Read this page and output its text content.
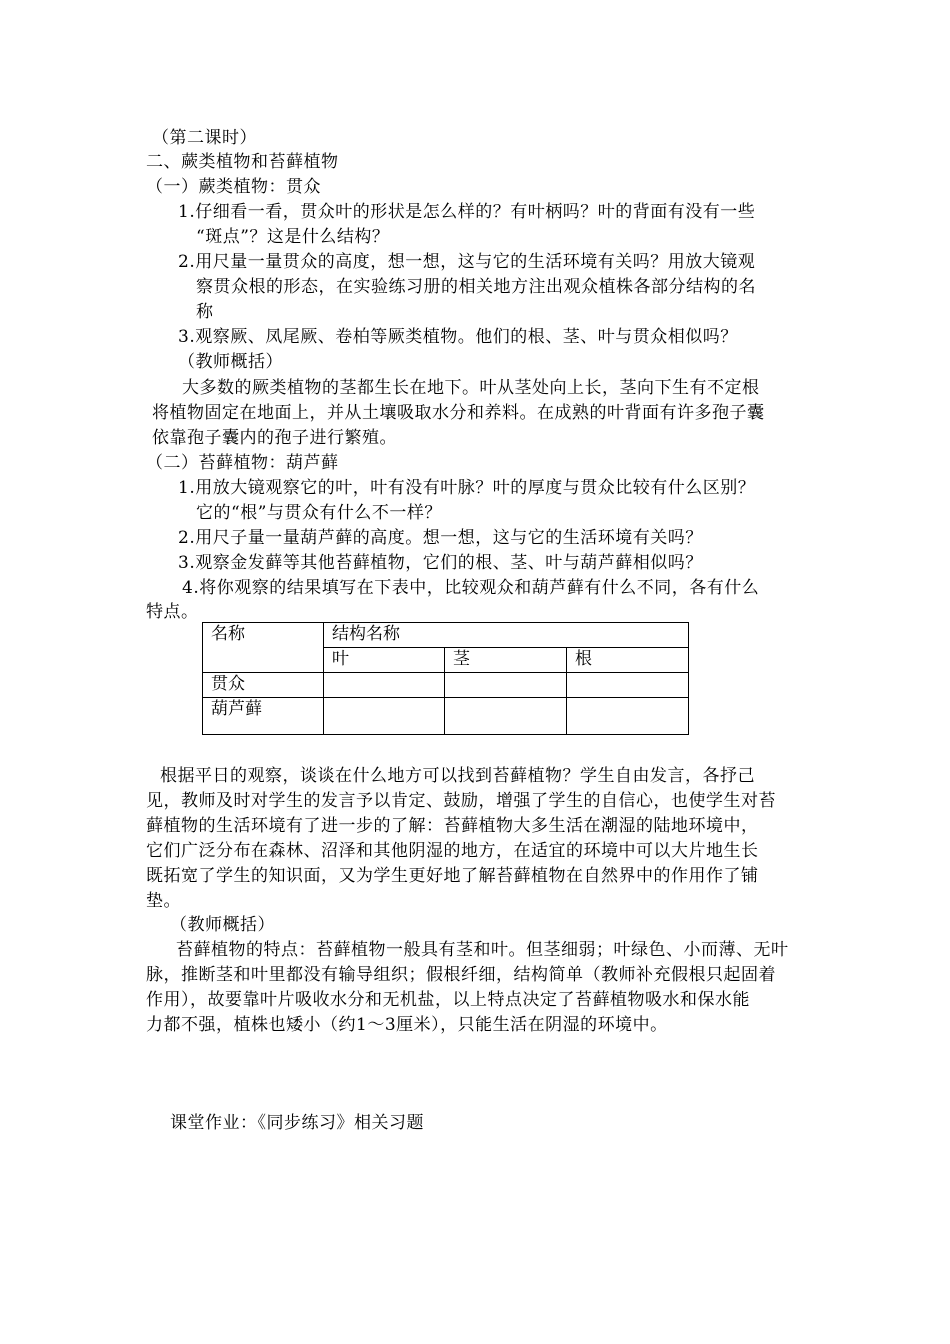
（第二课时）
二、蕨类植物和苔藓植物
（一）蕨类植物：贯众
1.仔细看一看，贯众叶的形状是怎么样的？有叶柄吗？叶的背面有没有一些
“斑点”？这是什么结构？
2.用尺量一量贯众的高度，想一想，这与它的生活环境有关吗？用放大镜观
察贯众根的形态，在实验练习册的相关地方注出观众植株各部分结构的名
称
3.观察厥、凤尾厥、卷柏等厥类植物。他们的根、茎、叶与贯众相似吗？
（教师概括）
大多数的厥类植物的茎都生长在地下。叶从茎处向上长，茎向下生有不定根
将植物固定在地面上，并从土壤吸取水分和养料。在成熟的叶背面有许多孢子囊
依靠孢子囊内的孢子进行繁殖。
（二）苔藓植物：葫芦藓
1.用放大镜观察它的叶，叶有没有叶脉？叶的厚度与贯众比较有什么区别？
它的“根”与贯众有什么不一样？
2.用尺子量一量葫芦藓的高度。想一想，这与它的生活环境有关吗？
3.观察金发藓等其他苔藓植物，它们的根、茎、叶与葫芦藓相似吗？
4.将你观察的结果填写在下表中，比较观众和葫芦藓有什么不同，各有什么
特点。
名称	结构名称		
	叶	茎	根
贯众			
葫芦藓			
根据平日的观察，谈谈在什么地方可以找到苔藓植物？学生自由发言，各抒己
见，教师及时对学生的发言予以肯定、鼓励，增强了学生的自信心，也使学生对苔
藓植物的生活环境有了进一步的了解：苔藓植物大多生活在潮湿的陆地环境中，
它们广泛分布在森林、沼泽和其他阴湿的地方，在适宜的环境中可以大片地生长
既拓宽了学生的知识面，又为学生更好地了解苔藓植物在自然界中的作用作了铺
垫。
（教师概括）
苔藓植物的特点：苔藓植物一般具有茎和叶。但茎细弱；叶绿色、小而薄、无叶
脉，推断茎和叶里都没有输导组织；假根纤细，结构简单（教师补充假根只起固着
作用），故要靠叶片吸收水分和无机盐，以上特点决定了苔藓植物吸水和保水能
力都不强，植株也矮小（约1～3厘米），只能生活在阴湿的环境中。
课堂作业：《同步练习》相关习题
